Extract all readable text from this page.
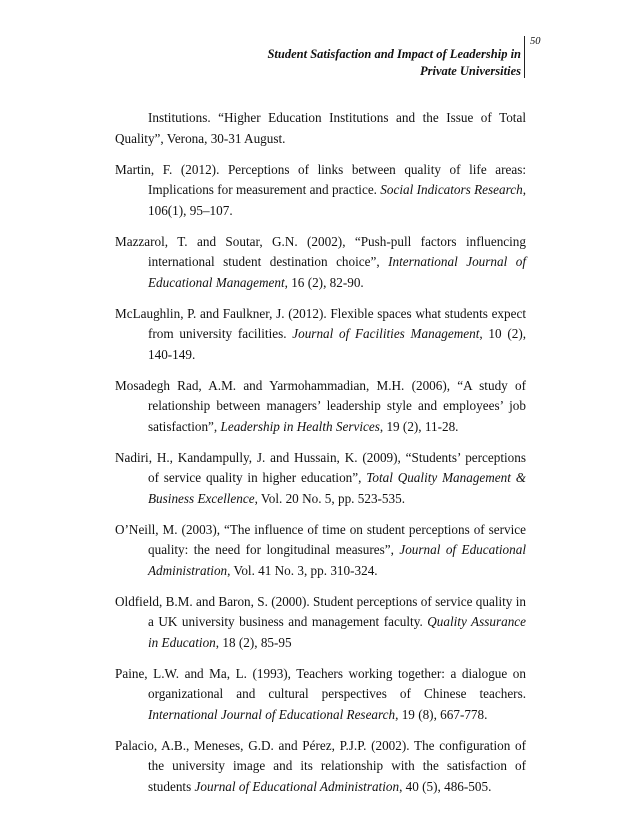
Student Satisfaction and Impact of Leadership in
Private Universities
50

Institutions. “Higher Education Institutions and the Issue of Total Quality”, Verona, 30-31 August.

Martin, F. (2012). Perceptions of links between quality of life areas: Implications for measurement and practice. Social Indicators Research, 106(1), 95–107.

Mazzarol, T. and Soutar, G.N. (2002), “Push-pull factors influencing international student destination choice”, International Journal of Educational Management, 16 (2), 82-90.

McLaughlin, P. and Faulkner, J. (2012). Flexible spaces what students expect from university facilities. Journal of Facilities Management, 10 (2), 140-149.

Mosadegh Rad, A.M. and Yarmohammadian, M.H. (2006), “A study of relationship between managers’ leadership style and employees’ job satisfaction”, Leadership in Health Services, 19 (2), 11-28.

Nadiri, H., Kandampully, J. and Hussain, K. (2009), “Students’ perceptions of service quality in higher education”, Total Quality Management & Business Excellence, Vol. 20 No. 5, pp. 523-535.

O’Neill, M. (2003), “The influence of time on student perceptions of service quality: the need for longitudinal measures”, Journal of Educational Administration, Vol. 41 No. 3, pp. 310-324.

Oldfield, B.M. and Baron, S. (2000). Student perceptions of service quality in a UK university business and management faculty. Quality Assurance in Education, 18 (2), 85-95

Paine, L.W. and Ma, L. (1993), Teachers working together: a dialogue on organizational and cultural perspectives of Chinese teachers. International Journal of Educational Research, 19 (8), 667-778.

Palacio, A.B., Meneses, G.D. and Pérez, P.J.P. (2002). The configuration of the university image and its relationship with the satisfaction of students Journal of Educational Administration, 40 (5), 486-505.
